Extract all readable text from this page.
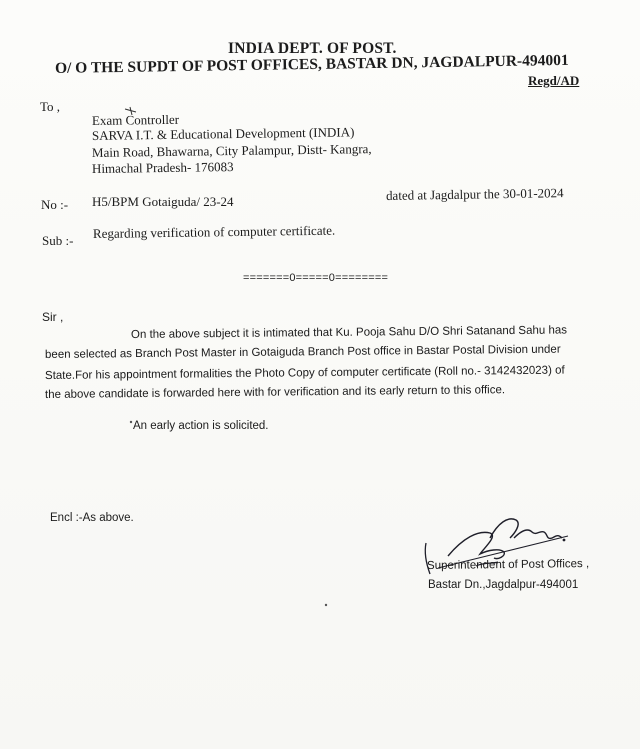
INDIA DEPT. OF POST.
O/ O THE SUPDT OF POST OFFICES, BASTAR DN, JAGDALPUR-494001
Regd/AD
To ,
Exam Controller
SARVA I.T. & Educational Development (INDIA)
Main Road, Bhawarna, City Palampur, Distt- Kangra,
Himachal Pradesh- 176083
No :- H5/BPM Gotaiguda/ 23-24	dated at Jagdalpur the 30-01-2024
Sub :- Regarding verification of computer certificate.
=======0=====0========
Sir ,
On the above subject it is intimated that Ku. Pooja Sahu D/O Shri Satanand Sahu has
been selected as Branch Post Master in Gotaiguda Branch Post office in Bastar Postal Division under
State.For his appointment formalities the Photo Copy of computer certificate (Roll no.- 3142432023) of
the above candidate is forwarded here with for verification and its early return to this office.
An early action is solicited.
Encl :-As above.
Superintendent of Post Offices ,
Bastar Dn.,Jagdalpur-494001
